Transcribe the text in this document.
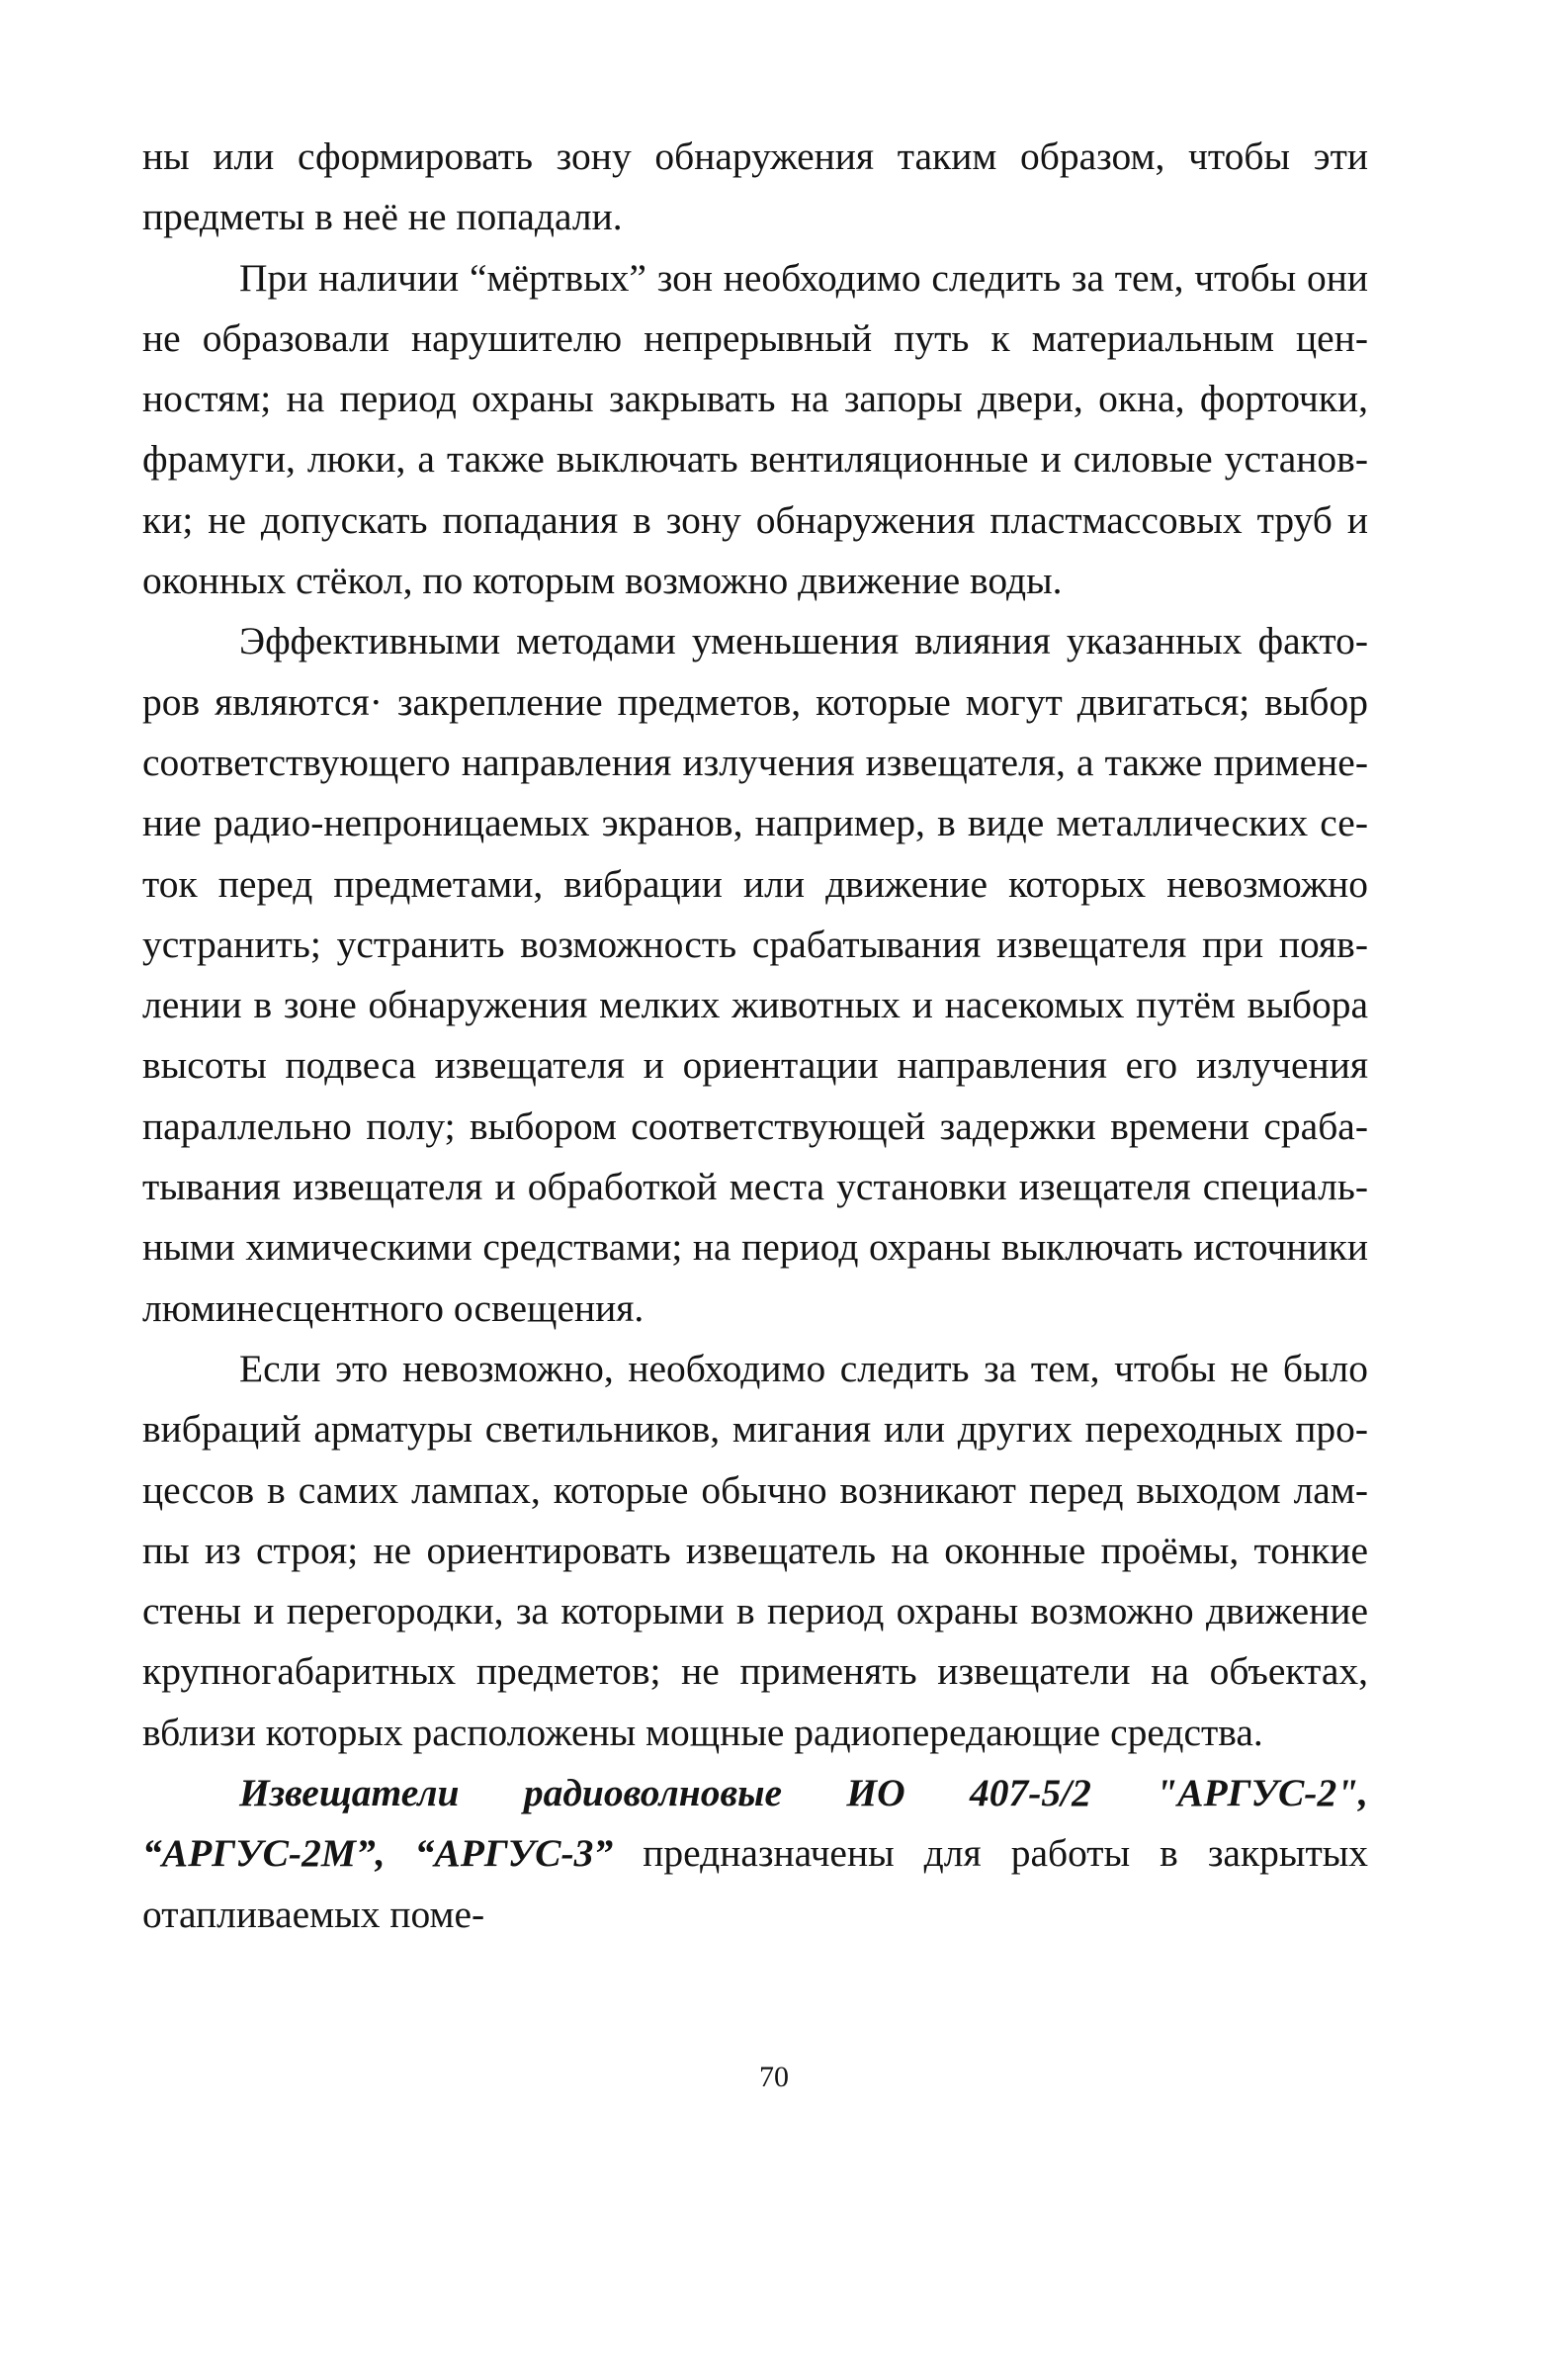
ны или сформировать зону обнаружения таким образом, чтобы эти предметы в неё не попадали.

При наличии “мёртвых” зон необходимо следить за тем, чтобы они не образовали нарушителю непрерывный путь к материальным ценностям; на период охраны закрывать на запоры двери, окна, форточки, фрамуги, люки, а также выключать вентиляционные и силовые установки; не допускать попадания в зону обнаружения пластмассовых труб и оконных стёкол, по которым возможно движение воды.

Эффективными методами уменьшения влияния указанных факторов являются· закрепление предметов, которые могут двигаться; выбор соответствующего направления излучения извещателя, а также применение радио-непроницаемых экранов, например, в виде металлических сеток перед предметами, вибрации или движение которых невозможно устранить; устранить возможность срабатывания извещателя при появлении в зоне обнаружения мелких животных и насекомых путём выбора высоты подвеса извещателя и ориентации направления его излучения параллельно полу; выбором соответствующей задержки времени срабатывания извещателя и обработкой места установки изещателя специальными химическими средствами; на период охраны выключать источники люминесцентного освещения.

Если это невозможно, необходимо следить за тем, чтобы не было вибраций арматуры светильников, мигания или других переходных процессов в самих лампах, которые обычно возникают перед выходом лампы из строя; не ориентировать извещатель на оконные проёмы, тонкие стены и перегородки, за которыми в период охраны возможно движение крупногабаритных предметов; не применять извещатели на объектах, вблизи которых расположены мощные радиопередающие средства.

Извещатели радиоволновые ИО 407-5/2 "АРГУС-2", “АРГУС-2М”, “АРГУС-3” предназначены для работы в закрытых отапливаемых поме-

70
